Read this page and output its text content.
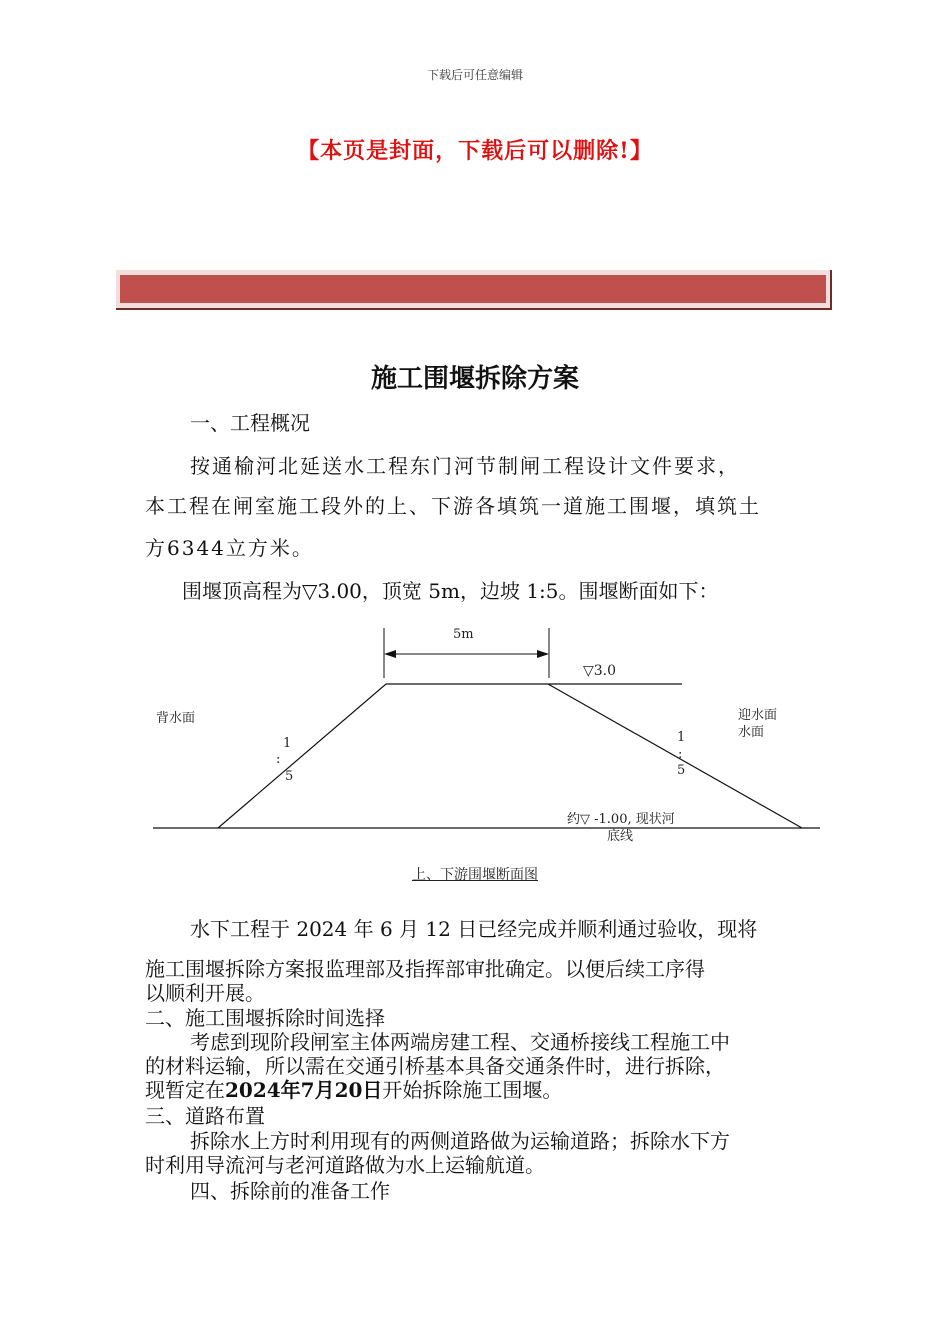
下载后可任意编辑
【本页是封面，下载后可以删除!】
施工围堰拆除方案
一、工程概况
按通榆河北延送水工程东门河节制闸工程设计文件要求，
本工程在闸室施工段外的上、下游各填筑一道施工围堰，填筑土
方6344立方米。
围堰顶高程为▽3.00，顶宽 5m，边坡 1:5。围堰断面如下：
5m
▽3.0
背水面	迎水面
水面
1
:
5
1
:
5
约▽ -1.00, 现状河
底线
上、下游围堰断面图
水下工程于 2024 年 6 月 12 日已经完成并顺利通过验收，现将
施工围堰拆除方案报监理部及指挥部审批确定。以便后续工序得
以顺利开展。
二、施工围堰拆除时间选择
考虑到现阶段闸室主体两端房建工程、交通桥接线工程施工中
的材料运输，所以需在交通引桥基本具备交通条件时，进行拆除，
现暂定在2024年7月20日开始拆除施工围堰。
三、道路布置
拆除水上方时利用现有的两侧道路做为运输道路；拆除水下方
时利用导流河与老河道路做为水上运输航道。
四、拆除前的准备工作
